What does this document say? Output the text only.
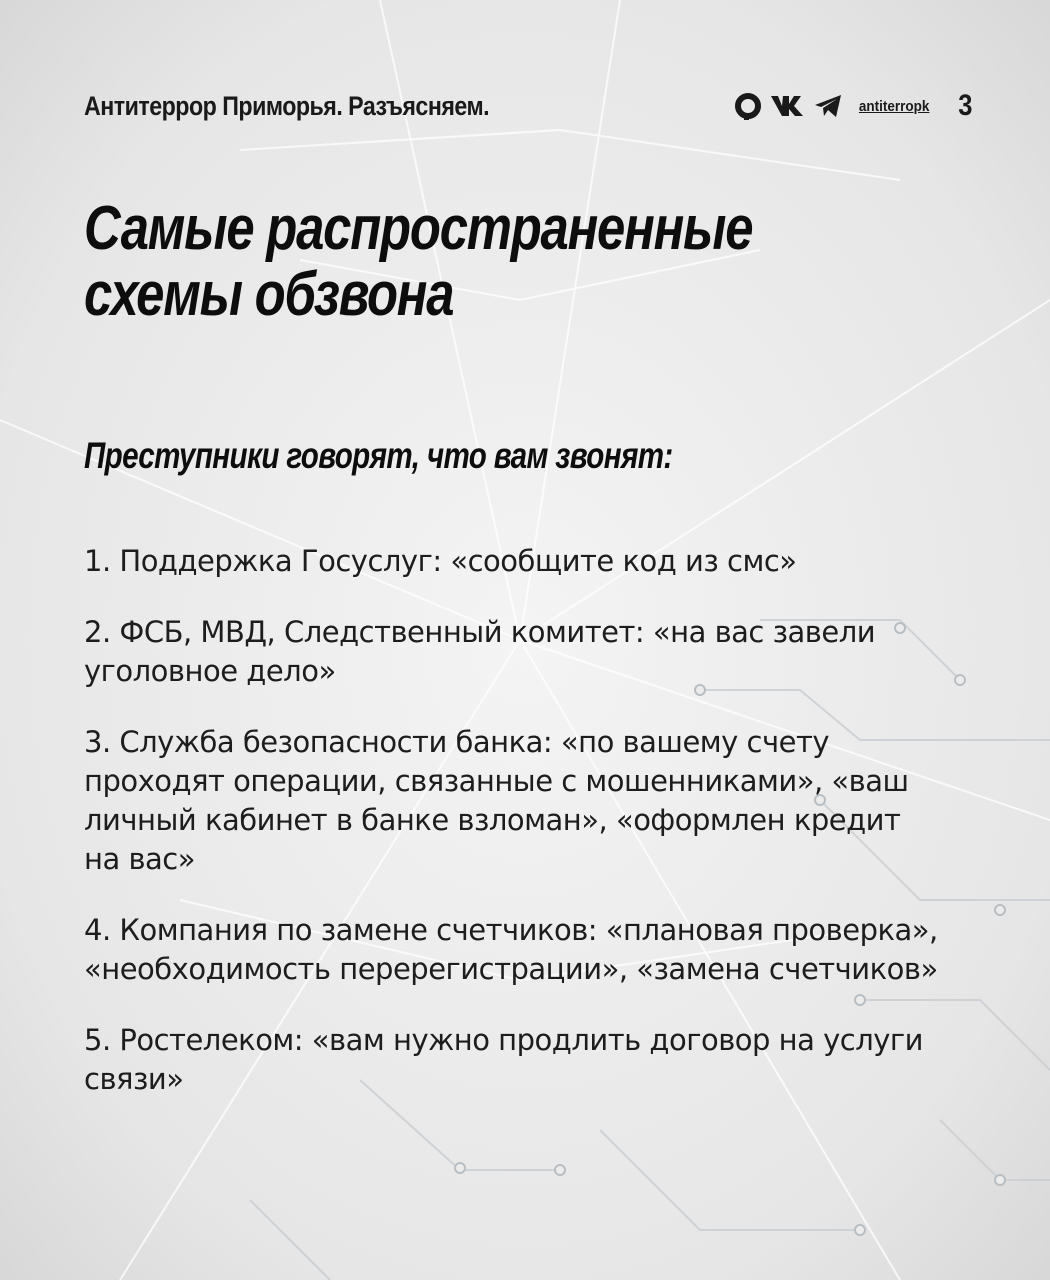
Антитеррор Приморья. Разъясняем.	antiterropk 3
Самые распространенные
схемы обзвона
Преступники говорят, что вам звонят:
1. Поддержка Госуслуг: «сообщите код из смс»
2. ФСБ, МВД, Следственный комитет: «на вас завели уголовное дело»
3. Служба безопасности банка: «по вашему счету проходят операции, связанные с мошенниками», «ваш личный кабинет в банке взломан», «оформлен кредит на вас»
4. Компания по замене счетчиков: «плановая проверка», «необходимость перерегистрации», «замена счетчиков»
5. Ростелеком: «вам нужно продлить договор на услуги связи»
